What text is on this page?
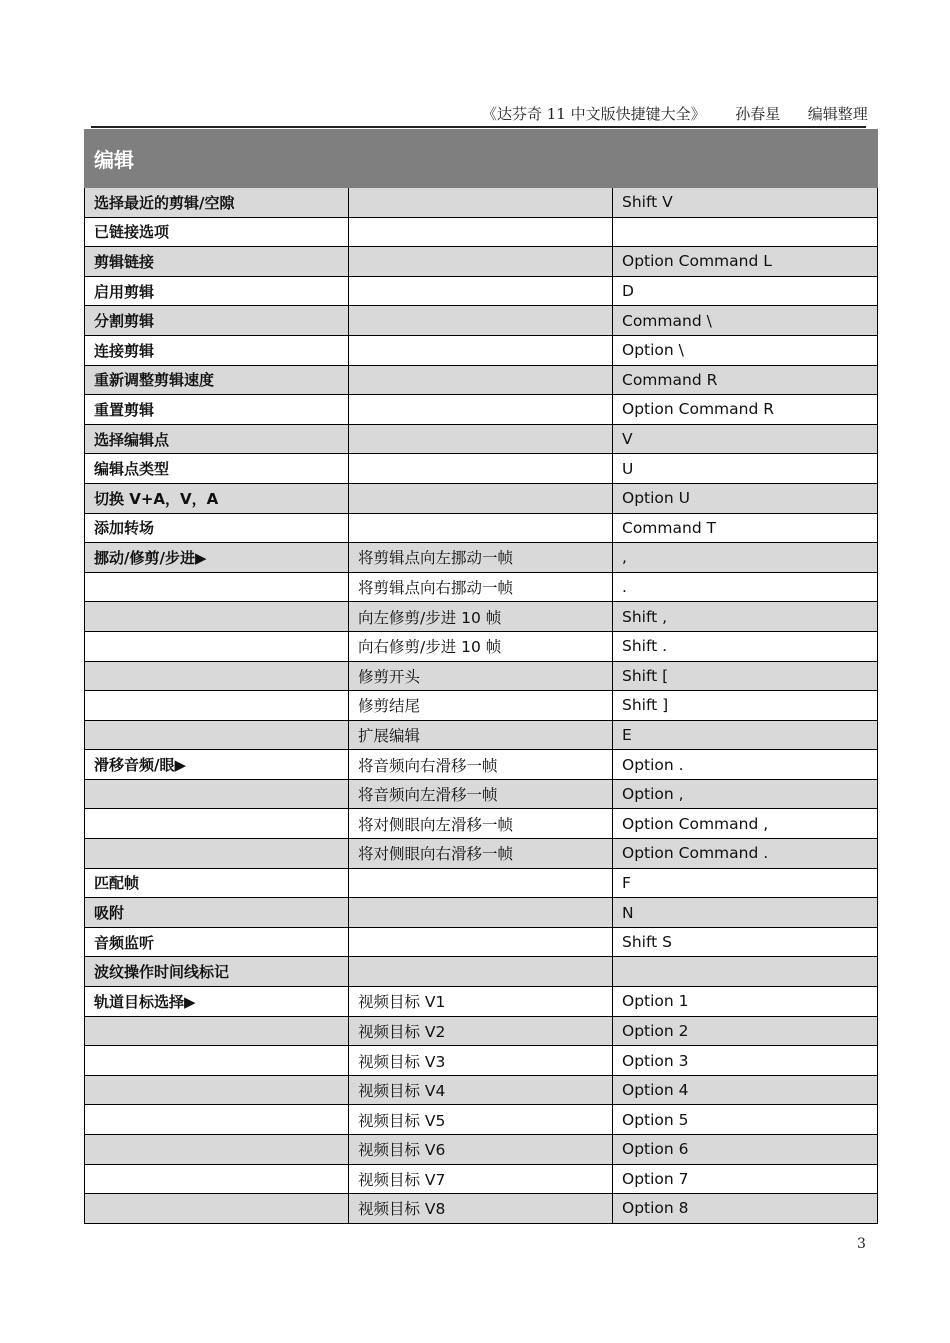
《达芬奇 11 中文版快捷键大全》 孙春星 编辑整理
编辑		
选择最近的剪辑/空隙		Shift V
已链接选项		
剪辑链接		Option Command L
启用剪辑		D
分割剪辑		Command \
连接剪辑		Option \
重新调整剪辑速度		Command R
重置剪辑		Option Command R
选择编辑点		V
编辑点类型		U
切换 V+A，V，A		Option U
添加转场		Command T
挪动/修剪/步进▶	将剪辑点向左挪动一帧	,
	将剪辑点向右挪动一帧	.
	向左修剪/步进 10 帧	Shift ,
	向右修剪/步进 10 帧	Shift .
	修剪开头	Shift [
	修剪结尾	Shift ]
	扩展编辑	E
滑移音频/眼▶	将音频向右滑移一帧	Option .
	将音频向左滑移一帧	Option ,
	将对侧眼向左滑移一帧	Option Command ,
	将对侧眼向右滑移一帧	Option Command .
匹配帧		F
吸附		N
音频监听		Shift S
波纹操作时间线标记		
轨道目标选择▶	视频目标 V1	Option 1
	视频目标 V2	Option 2
	视频目标 V3	Option 3
	视频目标 V4	Option 4
	视频目标 V5	Option 5
	视频目标 V6	Option 6
	视频目标 V7	Option 7
	视频目标 V8	Option 8
3
